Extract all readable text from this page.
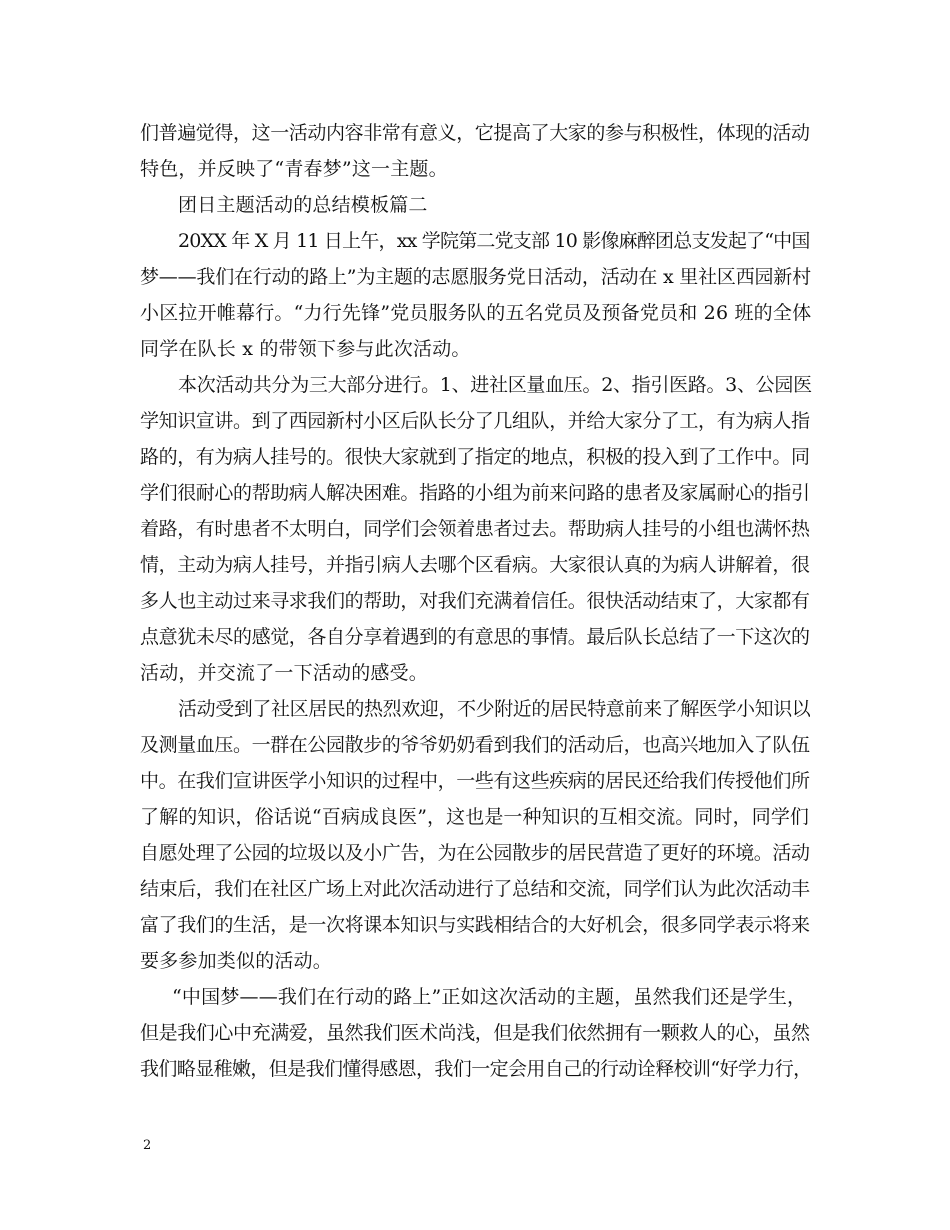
们普遍觉得，这一活动内容非常有意义，它提高了大家的参与积极性，体现的活动
特色，并反映了“青春梦”这一主题。
团日主题活动的总结模板篇二
20XX 年 X 月 11 日上午，xx 学院第二党支部 10 影像麻醉团总支发起了“中国
梦——我们在行动的路上”为主题的志愿服务党日活动，活动在 x 里社区西园新村
小区拉开帷幕行。“力行先锋”党员服务队的五名党员及预备党员和 26 班的全体
同学在队长 x 的带领下参与此次活动。
本次活动共分为三大部分进行。1、进社区量血压。2、指引医路。3、公园医
学知识宣讲。到了西园新村小区后队长分了几组队，并给大家分了工，有为病人指
路的，有为病人挂号的。很快大家就到了指定的地点，积极的投入到了工作中。同
学们很耐心的帮助病人解决困难。指路的小组为前来问路的患者及家属耐心的指引
着路，有时患者不太明白，同学们会领着患者过去。帮助病人挂号的小组也满怀热
情，主动为病人挂号，并指引病人去哪个区看病。大家很认真的为病人讲解着，很
多人也主动过来寻求我们的帮助，对我们充满着信任。很快活动结束了，大家都有
点意犹未尽的感觉，各自分享着遇到的有意思的事情。最后队长总结了一下这次的
活动，并交流了一下活动的感受。
活动受到了社区居民的热烈欢迎，不少附近的居民特意前来了解医学小知识以
及测量血压。一群在公园散步的爷爷奶奶看到我们的活动后，也高兴地加入了队伍
中。在我们宣讲医学小知识的过程中，一些有这些疾病的居民还给我们传授他们所
了解的知识，俗话说“百病成良医”，这也是一种知识的互相交流。同时，同学们
自愿处理了公园的垃圾以及小广告，为在公园散步的居民营造了更好的环境。活动
结束后，我们在社区广场上对此次活动进行了总结和交流，同学们认为此次活动丰
富了我们的生活，是一次将课本知识与实践相结合的大好机会，很多同学表示将来
要多参加类似的活动。
“中国梦——我们在行动的路上”正如这次活动的主题，虽然我们还是学生，
但是我们心中充满爱，虽然我们医术尚浅，但是我们依然拥有一颗救人的心，虽然
我们略显稚嫩，但是我们懂得感恩，我们一定会用自己的行动诠释校训“好学力行，
2
